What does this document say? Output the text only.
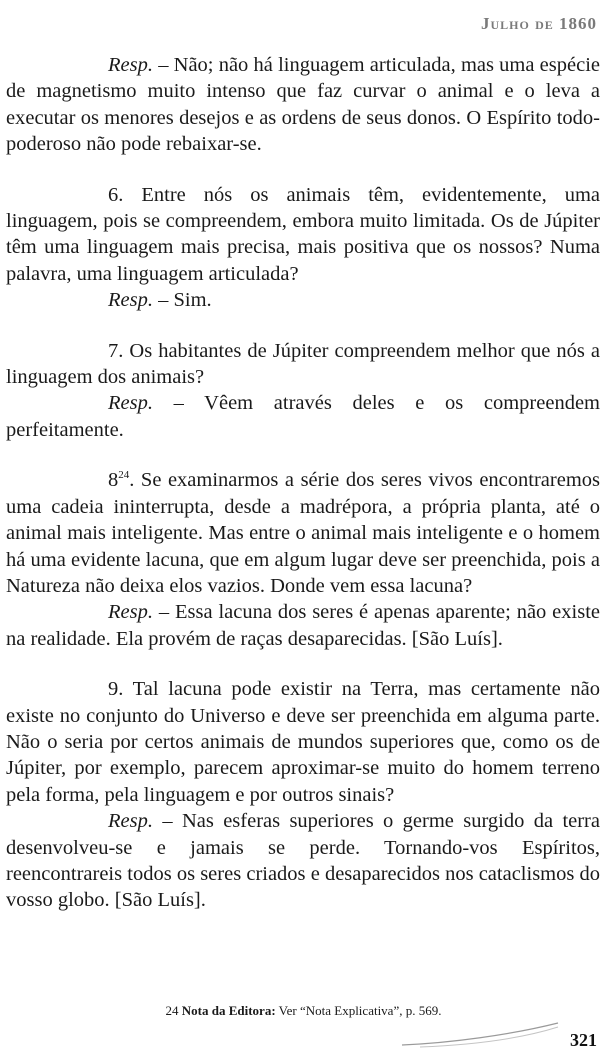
Julho de 1860

Resp. – Não; não há linguagem articulada, mas uma espécie de magnetismo muito intenso que faz curvar o animal e o leva a executar os menores desejos e as ordens de seus donos. O Espírito todo-poderoso não pode rebaixar-se.

6. Entre nós os animais têm, evidentemente, uma linguagem, pois se compreendem, embora muito limitada. Os de Júpiter têm uma linguagem mais precisa, mais positiva que os nossos? Numa palavra, uma linguagem articulada?

Resp. – Sim.

7. Os habitantes de Júpiter compreendem melhor que nós a linguagem dos animais?

Resp. – Vêem através deles e os compreendem perfeitamente.

$8^{24}$. Se examinarmos a série dos seres vivos encontraremos uma cadeia ininterrupta, desde a madrépora, a própria planta, até o animal mais inteligente. Mas entre o animal mais inteligente e o homem há uma evidente lacuna, que em algum lugar deve ser preenchida, pois a Natureza não deixa elos vazios. Donde vem essa lacuna?

Resp. – Essa lacuna dos seres é apenas aparente; não existe na realidade. Ela provém de raças desaparecidas. [São Luís].

9. Tal lacuna pode existir na Terra, mas certamente não existe no conjunto do Universo e deve ser preenchida em alguma parte. Não o seria por certos animais de mundos superiores que, como os de Júpiter, por exemplo, parecem aproximar-se muito do homem terreno pela forma, pela linguagem e por outros sinais?

Resp. – Nas esferas superiores o germe surgido da terra desenvolveu-se e jamais se perde. Tornando-vos Espíritos, reencontrareis todos os seres criados e desaparecidos nos cataclismos do vosso globo. [São Luís].

24 Nota da Editora: Ver “Nota Explicativa”, p. 569.
321
